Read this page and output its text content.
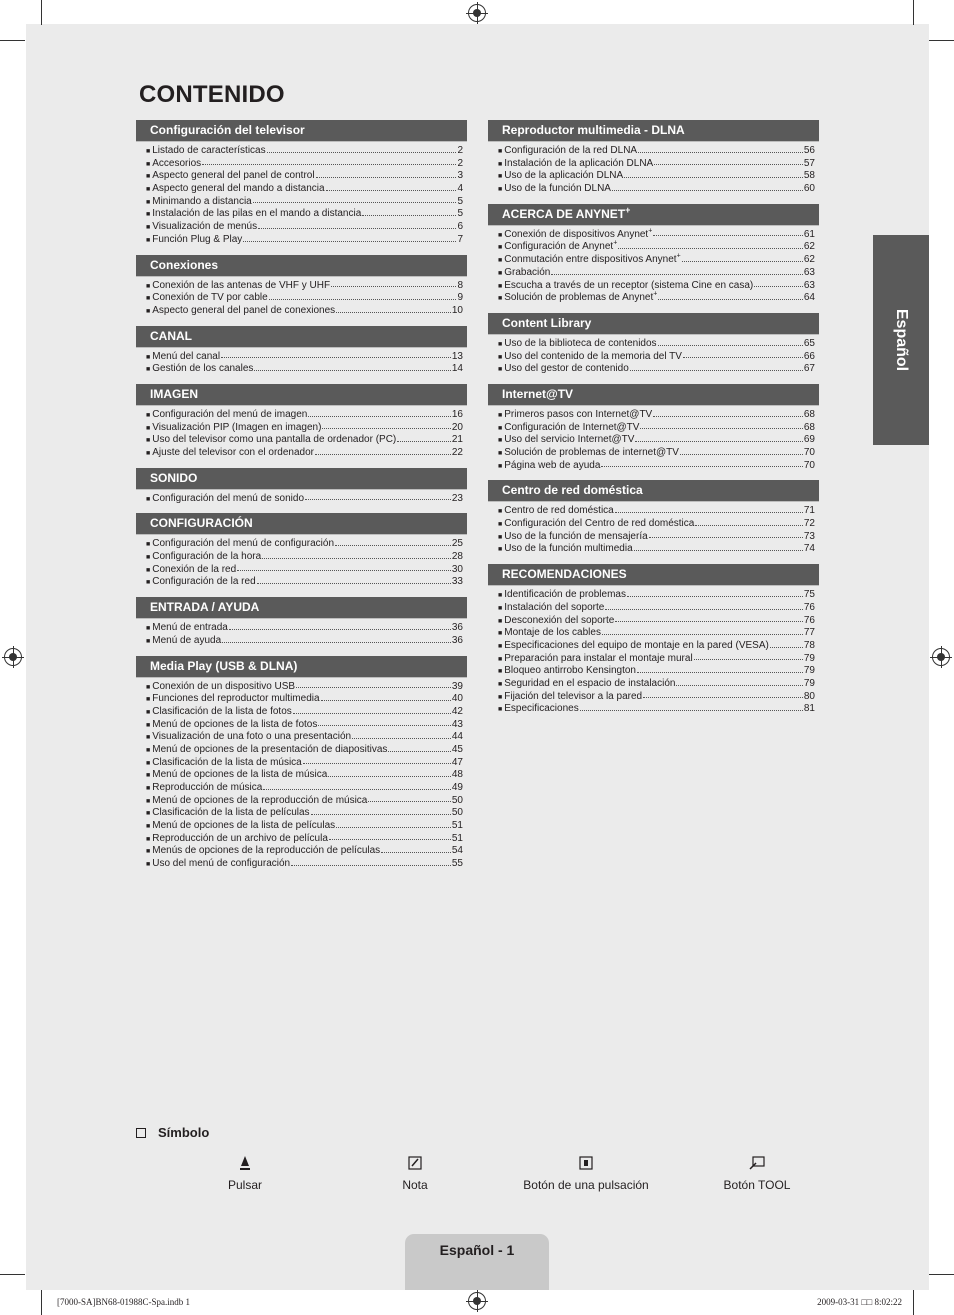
CONTENIDO
Configuración del televisor
■ Listado de características	2
■ Accesorios	2
■ Aspecto general del panel de control	3
■ Aspecto general del mando a distancia	4
■ Minimando a distancia	5
■ Instalación de las pilas en el mando a distancia	5
■ Visualización de menús	6
■ Función Plug & Play	7
Conexiones
■ Conexión de las antenas de VHF y UHF	8
■ Conexión de TV por cable	9
■ Aspecto general del panel de conexiones	10
CANAL
■ Menú del canal	13
■ Gestión de los canales	14
IMAGEN
■ Configuración del menú de imagen	16
■ Visualización PIP (Imagen en imagen)	20
■ Uso del televisor como una pantalla de ordenador (PC)	21
■ Ajuste del televisor con el ordenador	22
SONIDO
■ Configuración del menú de sonido	23
CONFIGURACIÓN
■ Configuración del menú de configuración	25
■ Configuración de la hora	28
■ Conexión de la red	30
■ Configuración de la red	33
ENTRADA / AYUDA
■ Menú de entrada	36
■ Menú de ayuda	36
Media Play (USB & DLNA)
■ Conexión de un dispositivo USB	39
■ Funciones del reproductor multimedia	40
■ Clasificación de la lista de fotos	42
■ Menú de opciones de la lista de fotos	43
■ Visualización de una foto o una presentación	44
■ Menú de opciones de la presentación de diapositivas	45
■ Clasificación de la lista de música	47
■ Menú de opciones de la lista de música	48
■ Reproducción de música	49
■ Menú de opciones de la reproducción de música	50
■ Clasificación de la lista de películas	50
■ Menú de opciones de la lista de películas	51
■ Reproducción de un archivo de película	51
■ Menús de opciones de la reproducción de películas	54
■ Uso del menú de configuración	55
Reproductor multimedia - DLNA
■ Configuración de la red DLNA	56
■ Instalación de la aplicación DLNA	57
■ Uso de la aplicación DLNA	58
■ Uso de la función DLNA	60
ACERCA DE ANYNET+
■ Conexión de dispositivos Anynet+	61
■ Configuración de Anynet+	62
■ Conmutación entre dispositivos Anynet+	62
■ Grabación	63
■ Escucha a través de un receptor (sistema Cine en casa)	63
■ Solución de problemas de Anynet+	64
Content Library
■ Uso de la biblioteca de contenidos	65
■ Uso del contenido de la memoria del TV	66
■ Uso del gestor de contenido	67
Internet@TV
■ Primeros pasos con Internet@TV	68
■ Configuración de Internet@TV	68
■ Uso del servicio Internet@TV	69
■ Solución de problemas de internet@TV	70
■ Página web de ayuda	70
Centro de red doméstica
■ Centro de red doméstica	71
■ Configuración del Centro de red doméstica	72
■ Uso de la función de mensajería	73
■ Uso de la función multimedia	74
RECOMENDACIONES
■ Identificación de problemas	75
■ Instalación del soporte	76
■ Desconexión del soporte	76
■ Montaje de los cables	77
■ Especificaciones del equipo de montaje en la pared (VESA)	78
■ Preparación para instalar el montaje mural	79
■ Bloqueo antirrobo Kensington	79
■ Seguridad en el espacio de instalación	79
■ Fijación del televisor a la pared	80
■ Especificaciones	81
Español
Símbolo
Pulsar	Nota	Botón de una pulsación	Botón TOOL
Español - 1
[7000-SA]BN68-01988C-Spa.indb 1	2009-03-31 □□ 8:02:22
